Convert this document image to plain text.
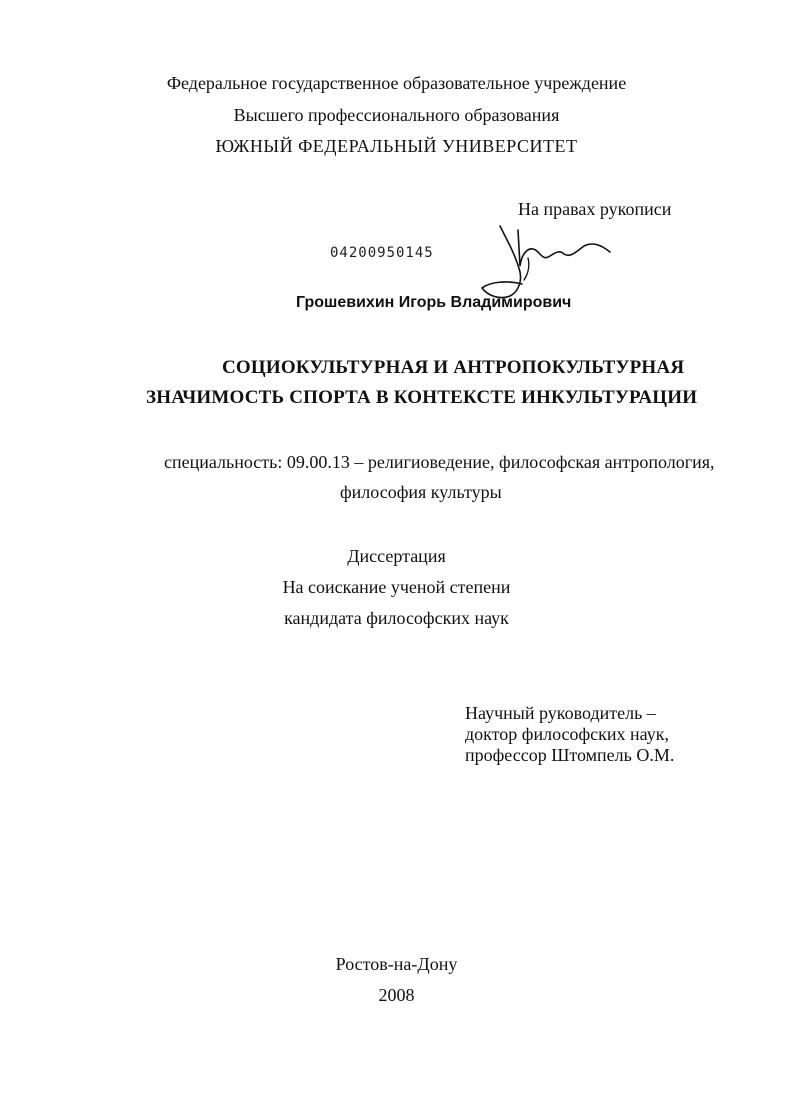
Федеральное государственное образовательное учреждение
Высшего профессионального образования
ЮЖНЫЙ ФЕДЕРАЛЬНЫЙ УНИВЕРСИТЕТ
На правах рукописи
04200950145
Грошевихин Игорь Владимирович
СОЦИОКУЛЬТУРНАЯ И АНТРОПОКУЛЬТУРНАЯ
ЗНАЧИМОСТЬ СПОРТА В КОНТЕКСТЕ ИНКУЛЬТУРАЦИИ
специальность: 09.00.13 – религиоведение, философская антропология,
философия культуры
Диссертация
На соискание ученой степени
кандидата философских наук
Научный руководитель –
доктор философских наук,
профессор Штомпель О.М.
Ростов-на-Дону
2008
